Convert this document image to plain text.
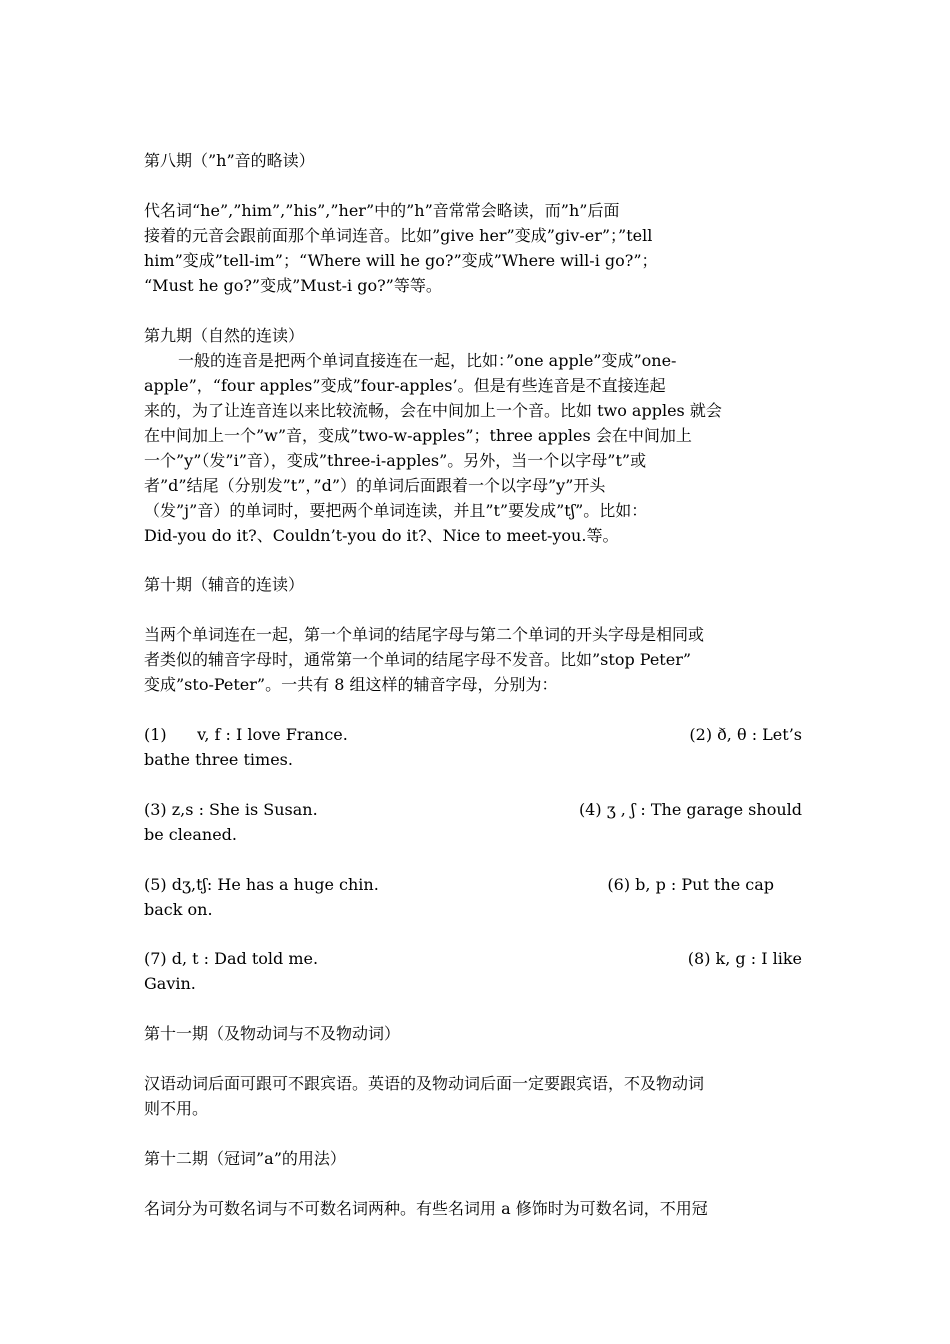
第八期（”h”音的略读）
代名词“he”,”him”,”his”,”her”中的”h”音常常会略读，而”h”后面
接着的元音会跟前面那个单词连音。比如”give her”变成”giv-er”；”tell
him”变成”tell-im”；“Where will he go?”变成”Where will-i go?”；
“Must he go?”变成”Must-i go?”等等。
第九期（自然的连读）
一般的连音是把两个单词直接连在一起，比如：”one apple”变成”one-
apple”，“four apples”变成”four-apples’。但是有些连音是不直接连起
来的，为了让连音连以来比较流畅，会在中间加上一个音。比如 two apples 就会
在中间加上一个”w”音，变成”two-w-apples”；three apples 会在中间加上
一个”y”（发”i”音），变成”three-i-apples”。另外，当一个以字母”t”或
者”d”结尾（分别发”t”，”d”）的单词后面跟着一个以字母”y”开头
（发”j”音）的单词时，要把两个单词连读，并且”t”要发成”tʃ”。比如：
Did-you do it?、Couldn’t-you do it?、Nice to meet-you.等。
第十期（辅音的连读）
当两个单词连在一起，第一个单词的结尾字母与第二个单词的开头字母是相同或
者类似的辅音字母时，通常第一个单词的结尾字母不发音。比如”stop Peter”
变成”sto-Peter”。一共有 8 组这样的辅音字母，分别为：
(1)      v, f : I love France.	(2) ð, θ : Let’s
bathe three times.
(3) z,s : She is Susan.	(4) ʒ , ʃ : The garage should
be cleaned.
(5) dʒ,tʃ: He has a huge chin.	(6) b, p : Put the cap
back on.
(7) d, t : Dad told me.	(8) k, g : I like
Gavin.
第十一期（及物动词与不及物动词）
汉语动词后面可跟可不跟宾语。英语的及物动词后面一定要跟宾语，不及物动词
则不用。
第十二期（冠词”a”的用法）
名词分为可数名词与不可数名词两种。有些名词用 a 修饰时为可数名词，不用冠
